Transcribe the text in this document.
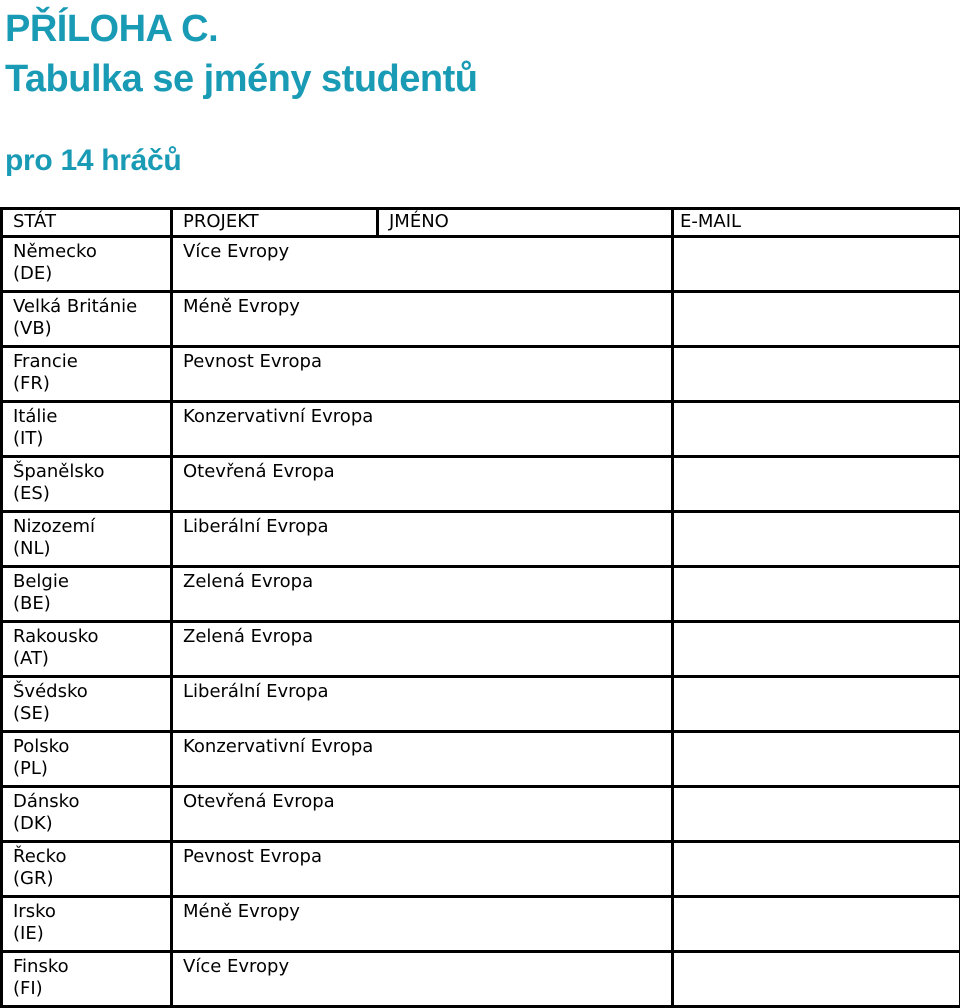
PŘÍLOHA C.
Tabulka se jmény studentů
pro 14 hráčů
STÁT	PROJEKT	JMÉNO	E-MAIL

Německo
(DE)	Více Evropy		

Velká Británie
(VB)	Méně Evropy		

Francie
(FR)	Pevnost Evropa		

Itálie
(IT)	Konzervativní Evropa		

Španělsko
(ES)	Otevřená Evropa		

Nizozemí
(NL)	Liberální Evropa		

Belgie
(BE)	Zelená Evropa		

Rakousko
(AT)	Zelená Evropa		

Švédsko
(SE)	Liberální Evropa		

Polsko
(PL)	Konzervativní Evropa		

Dánsko
(DK)	Otevřená Evropa		

Řecko
(GR)	Pevnost Evropa		

Irsko
(IE)	Méně Evropy		

Finsko
(FI)	Více Evropy		
